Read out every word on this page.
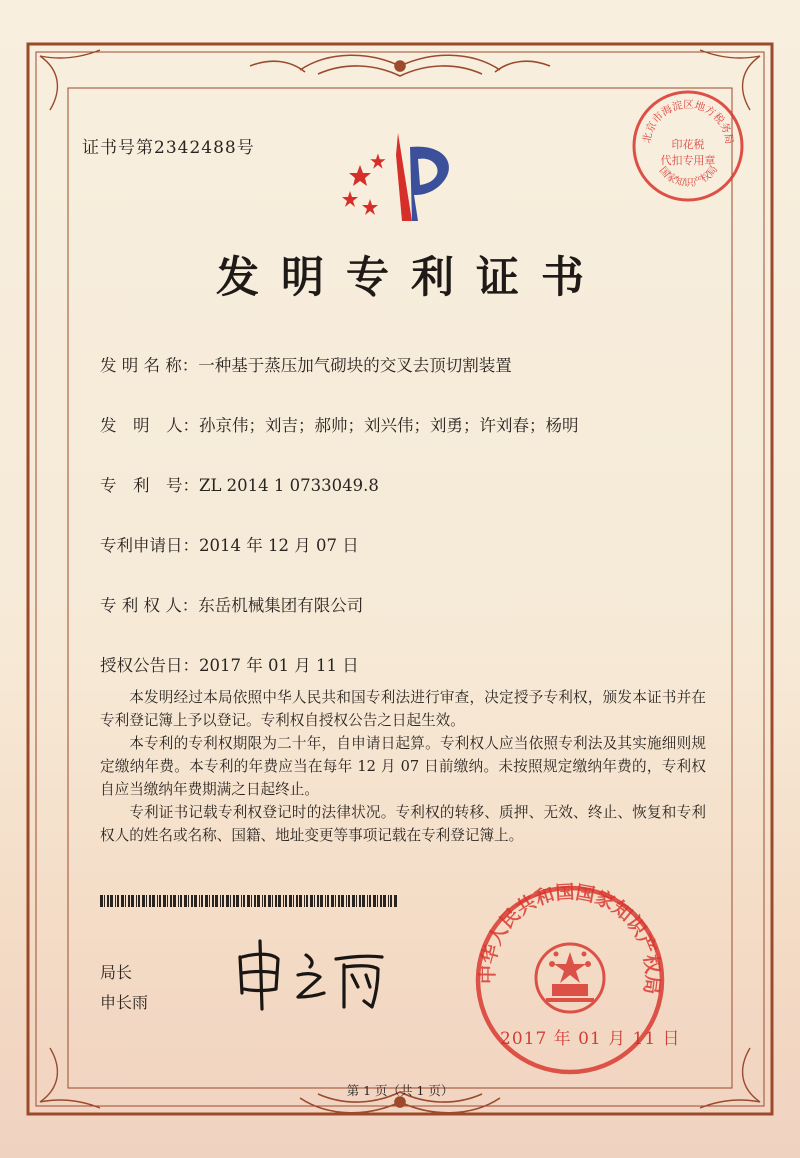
证书号第2342488号
北京市海淀区地方税务局
印花税
代扣专用章
国家知识产权局
发明专利证书
发 明 名 称：一种基于蒸压加气砌块的交叉去顶切割装置
发　明　人：孙京伟；刘吉；郝帅；刘兴伟；刘勇；许刘春；杨明
专　利　号：ZL 2014 1 0733049.8
专利申请日：2014 年 12 月 07 日
专 利 权 人：东岳机械集团有限公司
授权公告日：2017 年 01 月 11 日

本发明经过本局依照中华人民共和国专利法进行审查，决定授予专利权，颁发本证书并在专利登记簿上予以登记。专利权自授权公告之日起生效。

本专利的专利权期限为二十年，自申请日起算。专利权人应当依照专利法及其实施细则规定缴纳年费。本专利的年费应当在每年 12 月 07 日前缴纳。未按照规定缴纳年费的，专利权自应当缴纳年费期满之日起终止。

专利证书记载专利权登记时的法律状况。专利权的转移、质押、无效、终止、恢复和专利权人的姓名或名称、国籍、地址变更等事项记载在专利登记簿上。

局长
申长雨
中华人民共和国国家知识产权局
2017 年 01 月 11 日
第 1 页（共 1 页）
